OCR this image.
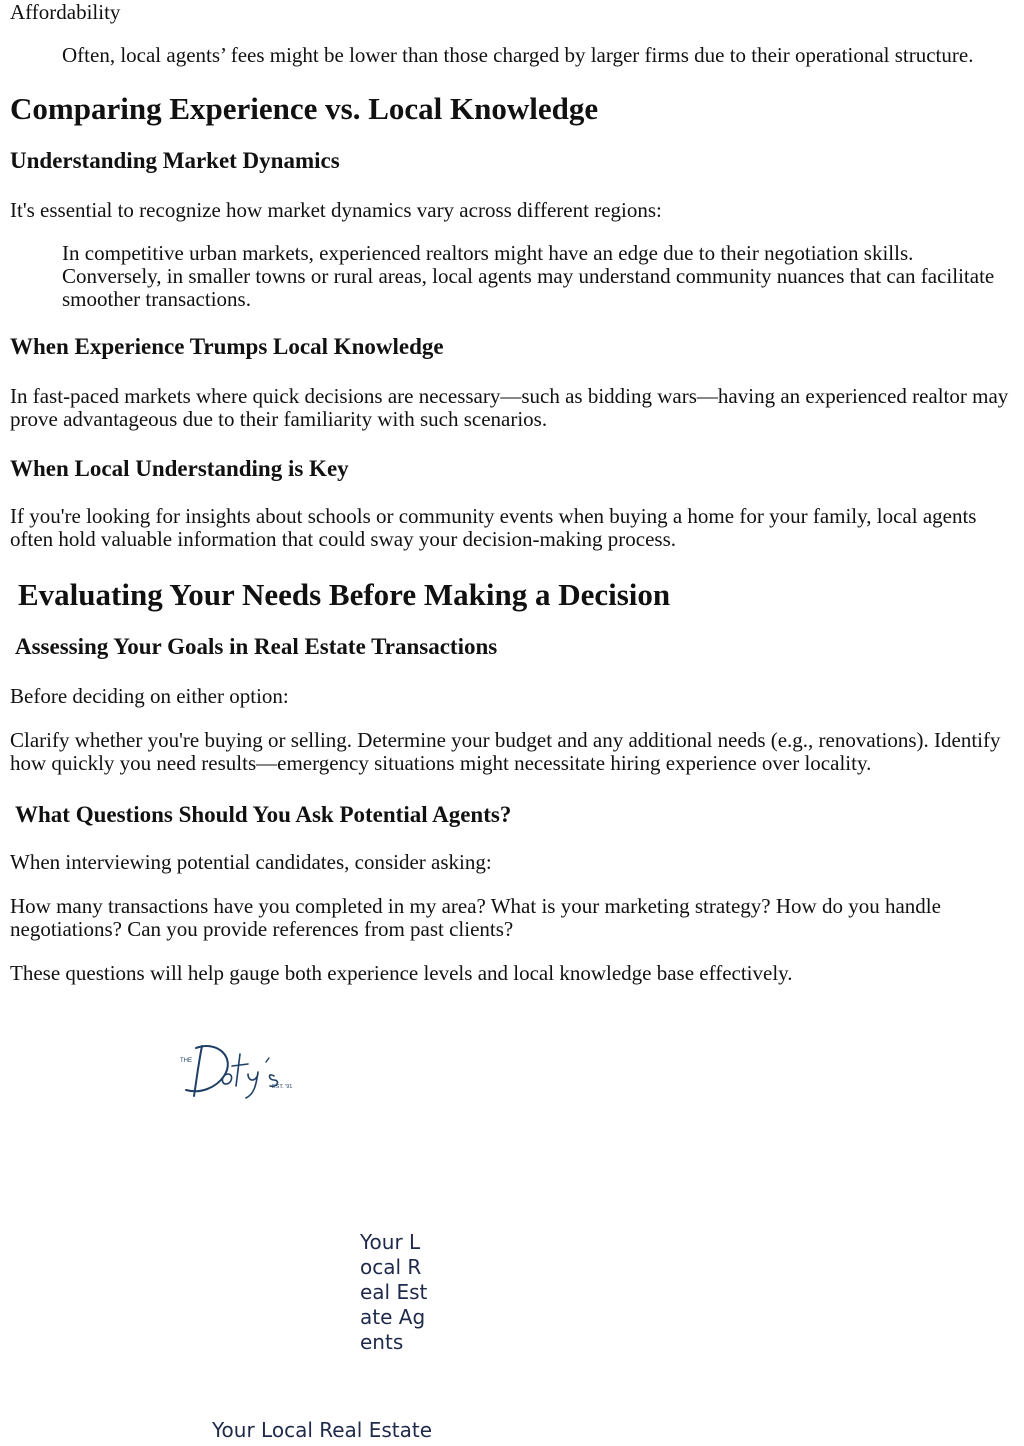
Affordability
Often, local agents’ fees might be lower than those charged by larger firms due to their operational structure.
Comparing Experience vs. Local Knowledge
Understanding Market Dynamics

It's essential to recognize how market dynamics vary across different regions:

In competitive urban markets, experienced realtors might have an edge due to their negotiation skills. Conversely, in smaller towns or rural areas, local agents may understand community nuances that can facilitate smoother transactions.
When Experience Trumps Local Knowledge

In fast-paced markets where quick decisions are necessary—such as bidding wars—having an experienced realtor may prove advantageous due to their familiarity with such scenarios.

When Local Understanding is Key

If you're looking for insights about schools or community events when buying a home for your family, local agents often hold valuable information that could sway your decision-making process.

Evaluating Your Needs Before Making a Decision
Assessing Your Goals in Real Estate Transactions

Before deciding on either option:

Clarify whether you're buying or selling. Determine your budget and any additional needs (e.g., renovations). Identify how quickly you need results—emergency situations might necessitate hiring experience over locality.

What Questions Should You Ask Potential Agents?

When interviewing potential candidates, consider asking:

How many transactions have you completed in my area? What is your marketing strategy? How do you handle negotiations? Can you provide references from past clients?

These questions will help gauge both experience levels and local knowledge base effectively.

THE
EST. '91
Your Local Real Estate Agents
Your Local Real Estate
